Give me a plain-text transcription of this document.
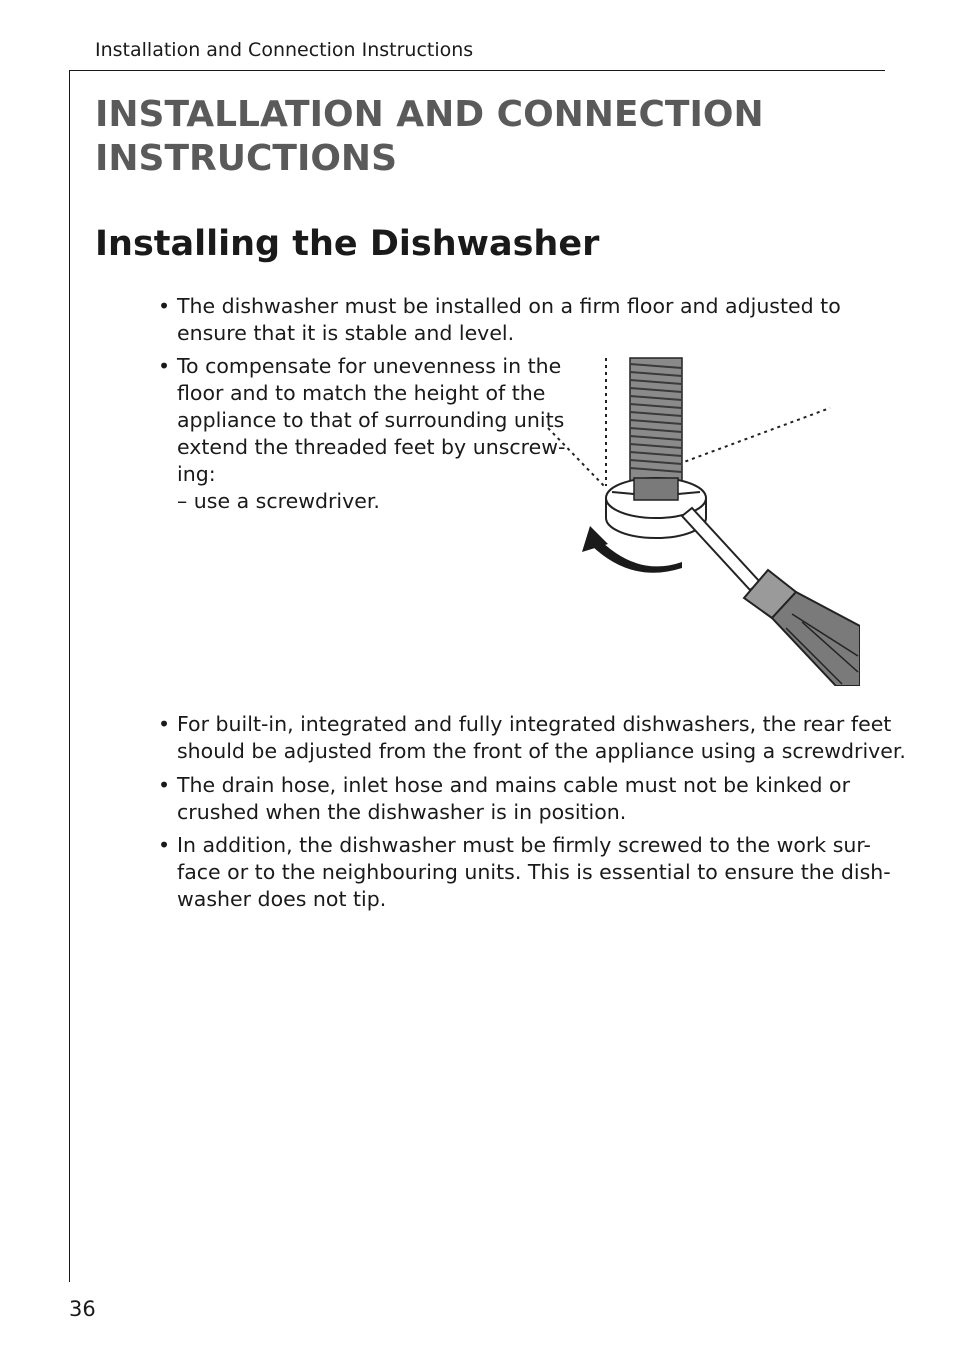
Installation and Connection Instructions
INSTALLATION AND CONNECTION
INSTRUCTIONS
Installing the Dishwasher
• The dishwasher must be installed on a firm floor and adjusted to
ensure that it is stable and level.
• To compensate for unevenness in the
floor and to match the height of the
appliance to that of surrounding units
extend the threaded feet by unscrew-
ing:
– use a screwdriver.
• For built-in, integrated and fully integrated dishwashers, the rear feet
should be adjusted from the front of the appliance using a screwdriver.
• The drain hose, inlet hose and mains cable must not be kinked or
crushed when the dishwasher is in position.
• In addition, the dishwasher must be firmly screwed to the work sur-
face or to the neighbouring units. This is essential to ensure the dish-
washer does not tip.
36
